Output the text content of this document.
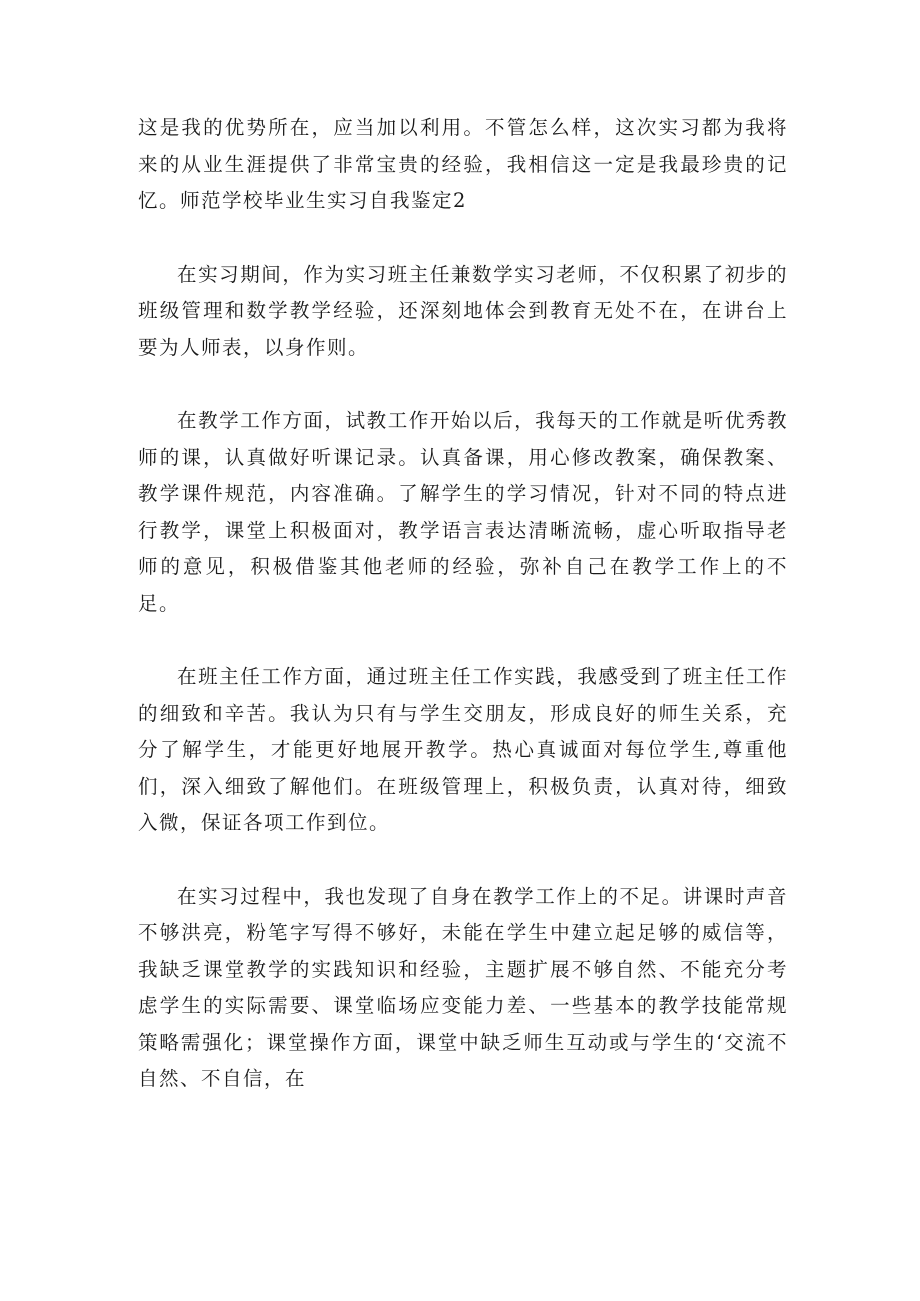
这是我的优势所在，应当加以利用。不管怎么样，这次实习都为我将来的从业生涯提供了非常宝贵的经验，我相信这一定是我最珍贵的记忆。师范学校毕业生实习自我鉴定2

在实习期间，作为实习班主任兼数学实习老师，不仅积累了初步的班级管理和数学教学经验，还深刻地体会到教育无处不在，在讲台上要为人师表，以身作则。

在教学工作方面，试教工作开始以后，我每天的工作就是听优秀教师的课，认真做好听课记录。认真备课，用心修改教案，确保教案、教学课件规范，内容准确。了解学生的学习情况，针对不同的特点进行教学，课堂上积极面对，教学语言表达清晰流畅，虚心听取指导老师的意见，积极借鉴其他老师的经验，弥补自己在教学工作上的不足。

在班主任工作方面，通过班主任工作实践，我感受到了班主任工作的细致和辛苦。我认为只有与学生交朋友，形成良好的师生关系，充分了解学生，才能更好地展开教学。热心真诚面对每位学生,尊重他们，深入细致了解他们。在班级管理上，积极负责，认真对待，细致入微，保证各项工作到位。

在实习过程中，我也发现了自身在教学工作上的不足。讲课时声音不够洪亮，粉笔字写得不够好，未能在学生中建立起足够的威信等，我缺乏课堂教学的实践知识和经验，主题扩展不够自然、不能充分考虑学生的实际需要、课堂临场应变能力差、一些基本的教学技能常规策略需强化；课堂操作方面，课堂中缺乏师生互动或与学生的‘交流不自然、不自信，在
